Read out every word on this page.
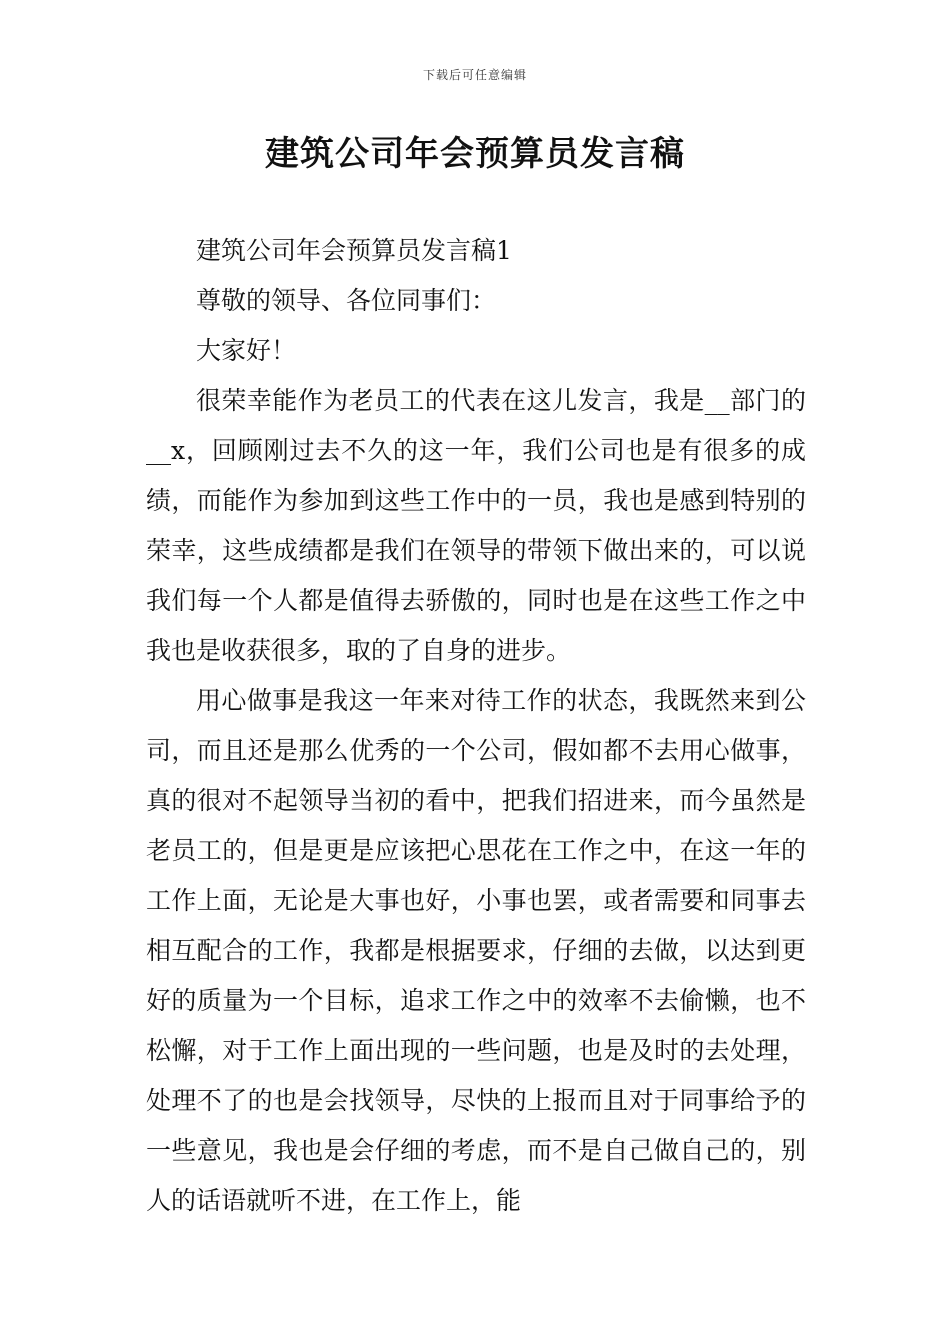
下载后可任意编辑
建筑公司年会预算员发言稿

建筑公司年会预算员发言稿1

尊敬的领导、各位同事们：

大家好！

很荣幸能作为老员工的代表在这儿发言，我是__部门的__x，回顾刚过去不久的这一年，我们公司也是有很多的成绩，而能作为参加到这些工作中的一员，我也是感到特别的荣幸，这些成绩都是我们在领导的带领下做出来的，可以说我们每一个人都是值得去骄傲的，同时也是在这些工作之中我也是收获很多，取的了自身的进步。

用心做事是我这一年来对待工作的状态，我既然来到公司，而且还是那么优秀的一个公司，假如都不去用心做事，真的很对不起领导当初的看中，把我们招进来，而今虽然是老员工的，但是更是应该把心思花在工作之中，在这一年的工作上面，无论是大事也好，小事也罢，或者需要和同事去相互配合的工作，我都是根据要求，仔细的去做，以达到更好的质量为一个目标，追求工作之中的效率不去偷懒，也不松懈，对于工作上面出现的一些问题，也是及时的去处理，处理不了的也是会找领导，尽快的上报而且对于同事给予的一些意见，我也是会仔细的考虑，而不是自己做自己的，别人的话语就听不进，在工作上，能
